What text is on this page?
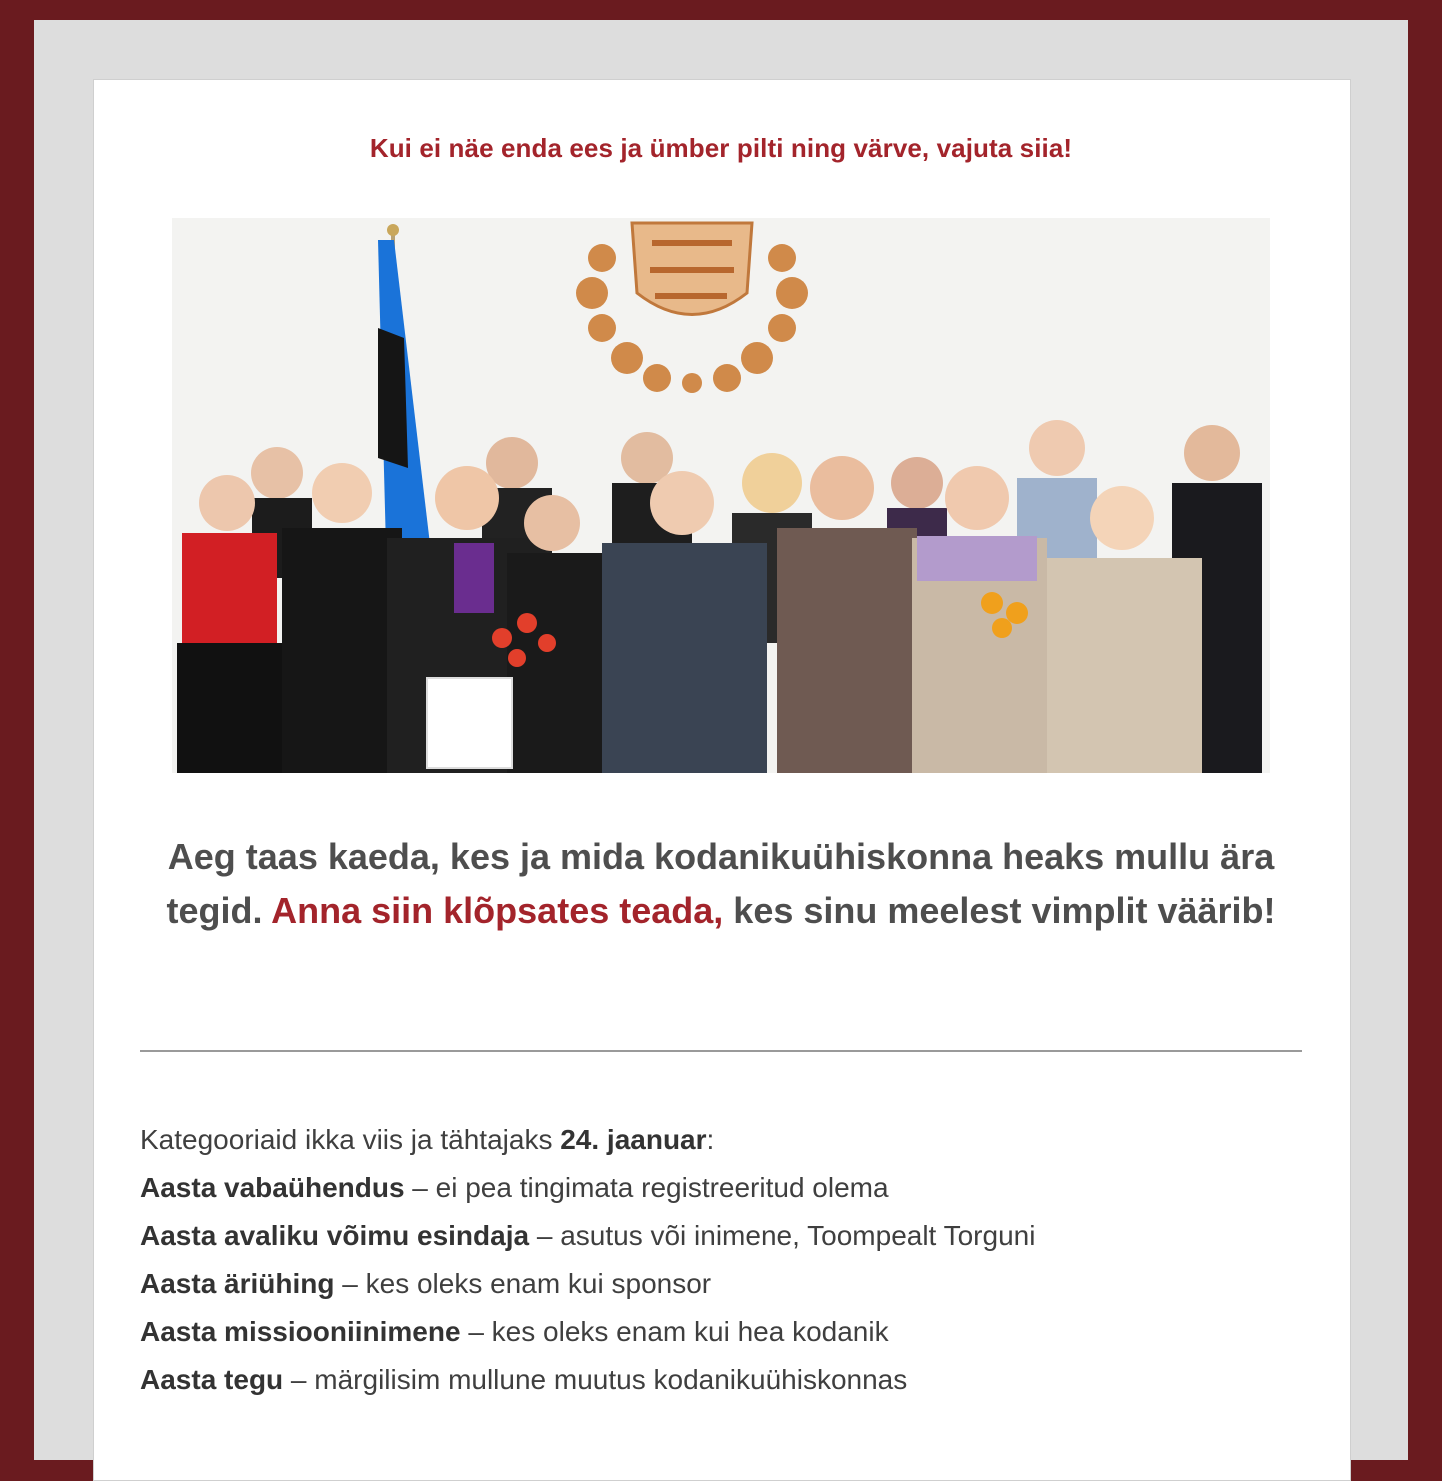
Kui ei näe enda ees ja ümber pilti ning värve, vajuta siia!
Aeg taas kaeda, kes ja mida kodanikuühiskonna heaks mullu ära tegid. Anna siin klõpsates teada, kes sinu meelest vimplit väärib!
Kategooriaid ikka viis ja tähtajaks 24. jaanuar:
Aasta vabaühendus – ei pea tingimata registreeritud olema
Aasta avaliku võimu esindaja – asutus või inimene, Toompealt Torguni
Aasta äriühing – kes oleks enam kui sponsor
Aasta missiooniinimene – kes oleks enam kui hea kodanik
Aasta tegu – märgilisim mullune muutus kodanikuühiskonnas
